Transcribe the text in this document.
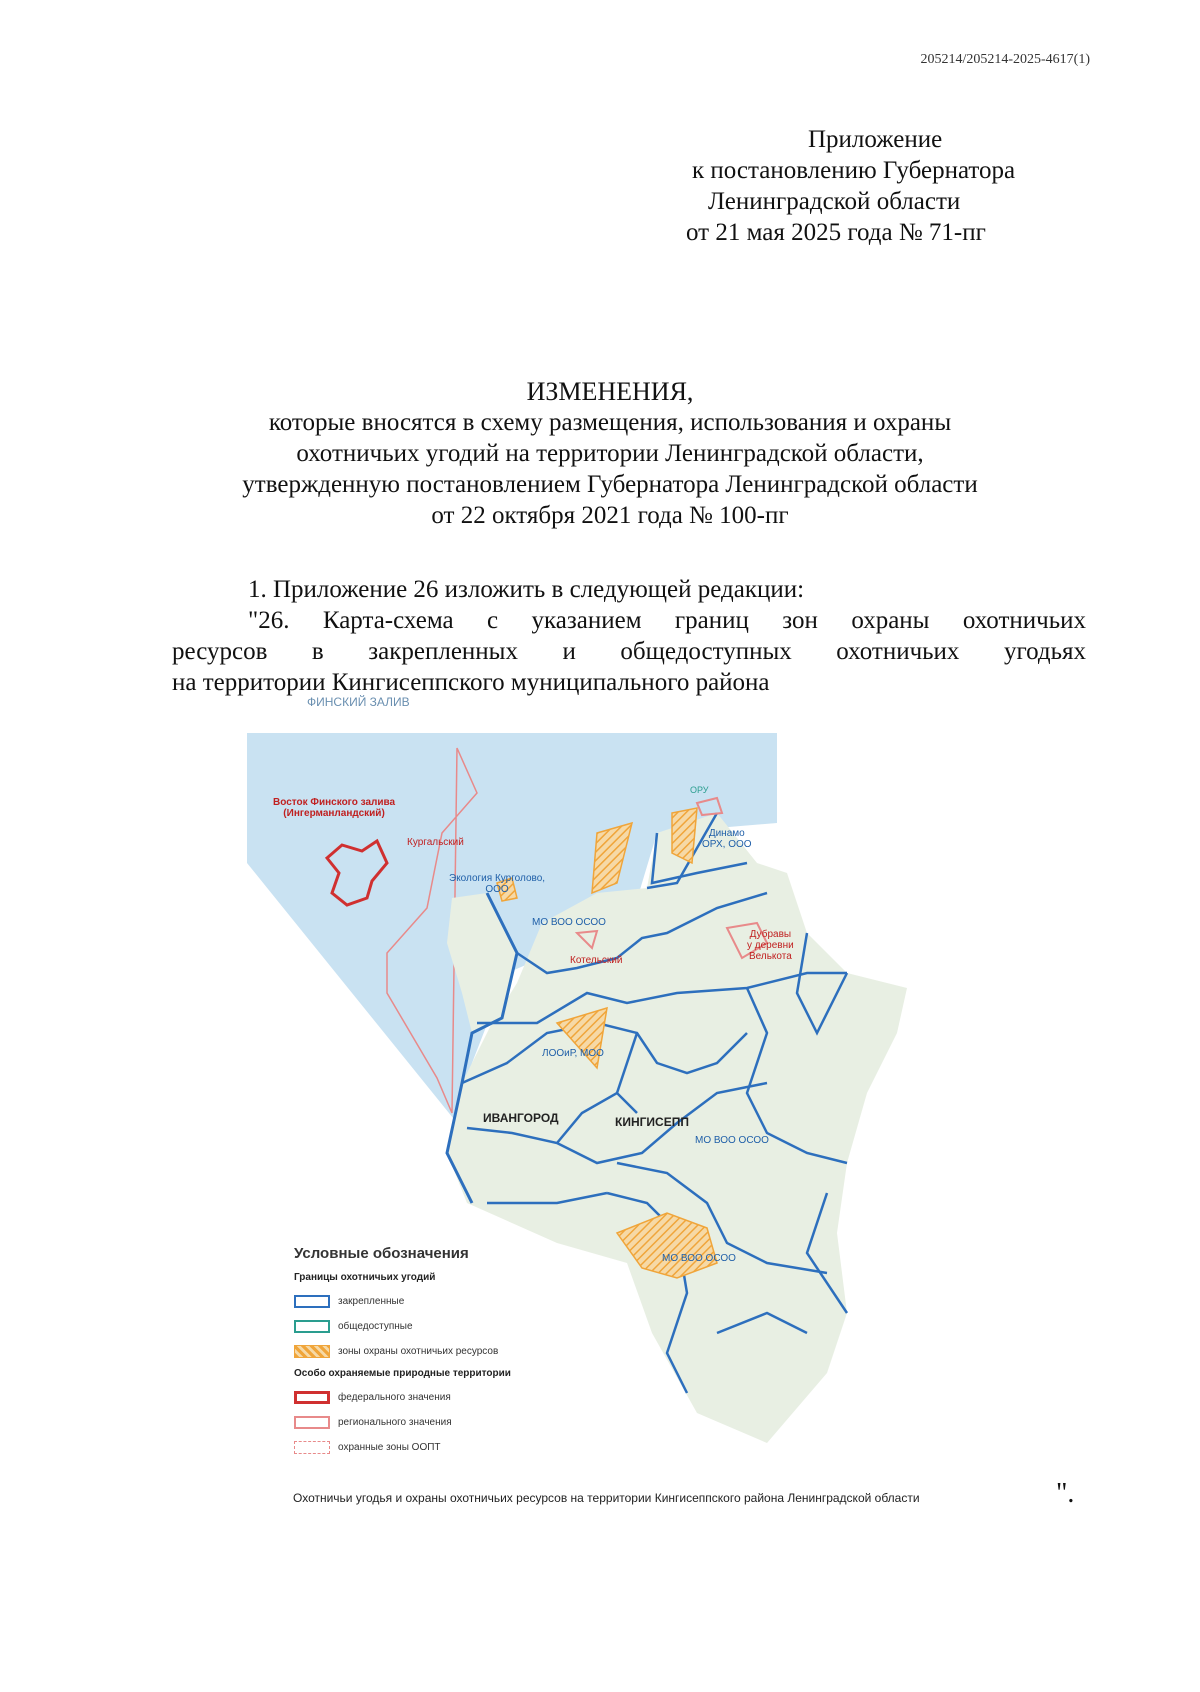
205214/205214-2025-4617(1)
Приложение
к постановлению Губернатора
Ленинградской области
от 21 мая 2025 года № 71-пг
ИЗМЕНЕНИЯ,
которые вносятся в схему размещения, использования и охраны
охотничьих угодий на территории Ленинградской области,
утвержденную постановлением Губернатора Ленинградской области
от 22 октября 2021 года № 100-пг
1. Приложение 26 изложить в следующей редакции:
"26. Карта-схема с указанием границ зон охраны охотничьих
ресурсов в закрепленных и общедоступных охотничьих угодьях
на территории Кингисеппского муниципального района
ФИНСКИЙ ЗАЛИВ
Восток Финского залива
(Ингерманландский)
Кургальский
Экология Курголово,
ООО
МО ВОО ОСОО
Котельский
ОРУ
Динамо
ОРХ, ООО
Дубравы
у деревни
Велькота
ЛООиР, МОО
ИВАНГОРОД	КИНГИСЕПП
МО ВОО ОСОО
МО ВОО ОСОО
Условные обозначения
Границы охотничьих угодий
закрепленные
общедоступные
зоны охраны охотничьих ресурсов
Особо охраняемые природные территории
федерального значения
регионального значения
охранные зоны ООПТ
Охотничьи угодья и охраны охотничьих ресурсов на территории Кингисеппского района Ленинградской области	".
